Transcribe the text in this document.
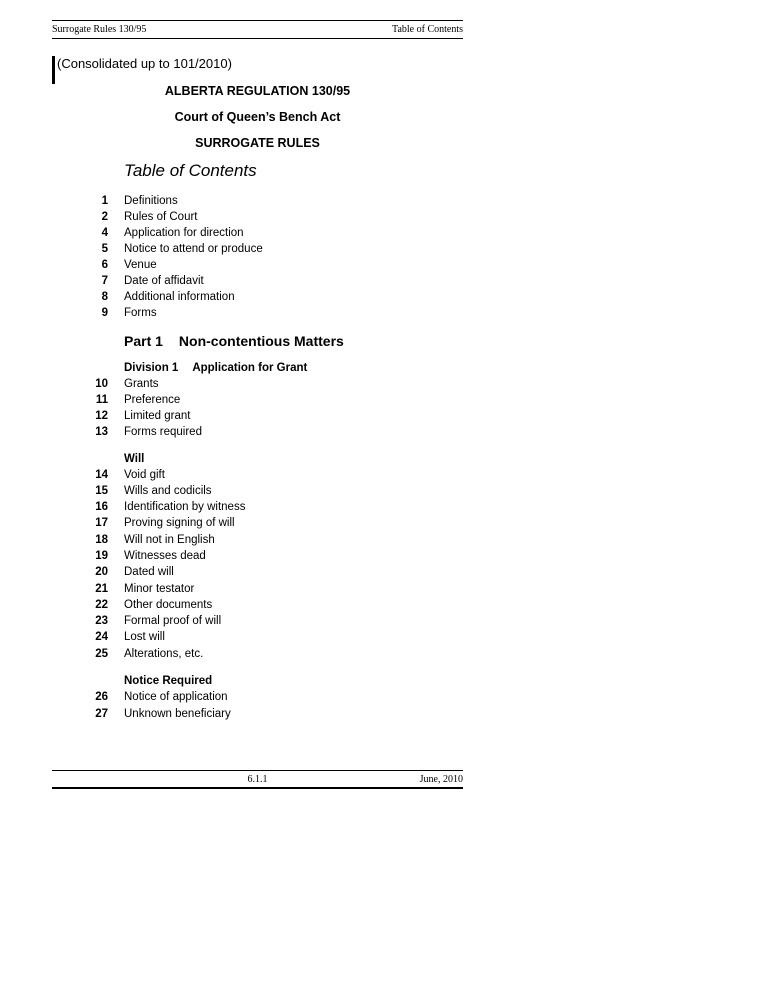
Surrogate Rules 130/95	Table of Contents
(Consolidated up to 101/2010)
ALBERTA REGULATION 130/95
Court of Queen’s Bench Act
SURROGATE RULES
Table of Contents
1 Definitions
2 Rules of Court
4 Application for direction
5 Notice to attend or produce
6 Venue
7 Date of affidavit
8 Additional information
9 Forms
Part 1 Non-contentious Matters
Division 1 Application for Grant
10 Grants
11 Preference
12 Limited grant
13 Forms required
Will
14 Void gift
15 Wills and codicils
16 Identification by witness
17 Proving signing of will
18 Will not in English
19 Witnesses dead
20 Dated will
21 Minor testator
22 Other documents
23 Formal proof of will
24 Lost will
25 Alterations, etc.
Notice Required
26 Notice of application
27 Unknown beneficiary
6.1.1	June, 2010
